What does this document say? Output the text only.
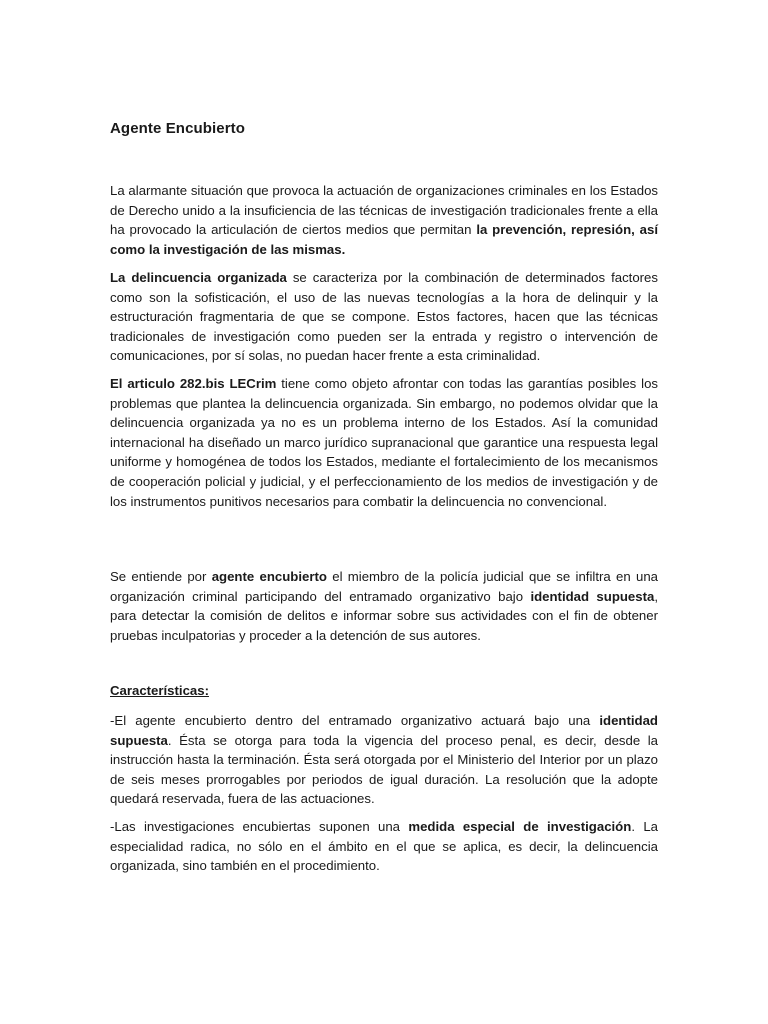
Agente Encubierto

La alarmante situación que provoca la actuación de organizaciones criminales en los Estados de Derecho unido a la insuficiencia de las técnicas de investigación tradicionales frente a ella ha provocado la articulación de ciertos medios que permitan la prevención, represión, así como la investigación de las mismas.

La delincuencia organizada se caracteriza por la combinación de determinados factores como son la sofisticación, el uso de las nuevas tecnologías a la hora de delinquir y la estructuración fragmentaria de que se compone. Estos factores, hacen que las técnicas tradicionales de investigación como pueden ser la entrada y registro o intervención de comunicaciones, por sí solas, no puedan hacer frente a esta criminalidad.

El articulo 282.bis LECrim tiene como objeto afrontar con todas las garantías posibles los problemas que plantea la delincuencia organizada. Sin embargo, no podemos olvidar que la delincuencia organizada ya no es un problema interno de los Estados. Así la comunidad internacional ha diseñado un marco jurídico supranacional que garantice una respuesta legal uniforme y homogénea de todos los Estados, mediante el fortalecimiento de los mecanismos de cooperación policial y judicial, y el perfeccionamiento de los medios de investigación y de los instrumentos punitivos necesarios para combatir la delincuencia no convencional.

Se entiende por agente encubierto el miembro de la policía judicial que se infiltra en una organización criminal participando del entramado organizativo bajo identidad supuesta, para detectar la comisión de delitos e informar sobre sus actividades con el fin de obtener pruebas inculpatorias y proceder a la detención de sus autores.

Características:

-El agente encubierto dentro del entramado organizativo actuará bajo una identidad supuesta. Ésta se otorga para toda la vigencia del proceso penal, es decir, desde la instrucción hasta la terminación. Ésta será otorgada por el Ministerio del Interior por un plazo de seis meses prorrogables por periodos de igual duración. La resolución que la adopte quedará reservada, fuera de las actuaciones.

-Las investigaciones encubiertas suponen una medida especial de investigación. La especialidad radica, no sólo en el ámbito en el que se aplica, es decir, la delincuencia organizada, sino también en el procedimiento.
